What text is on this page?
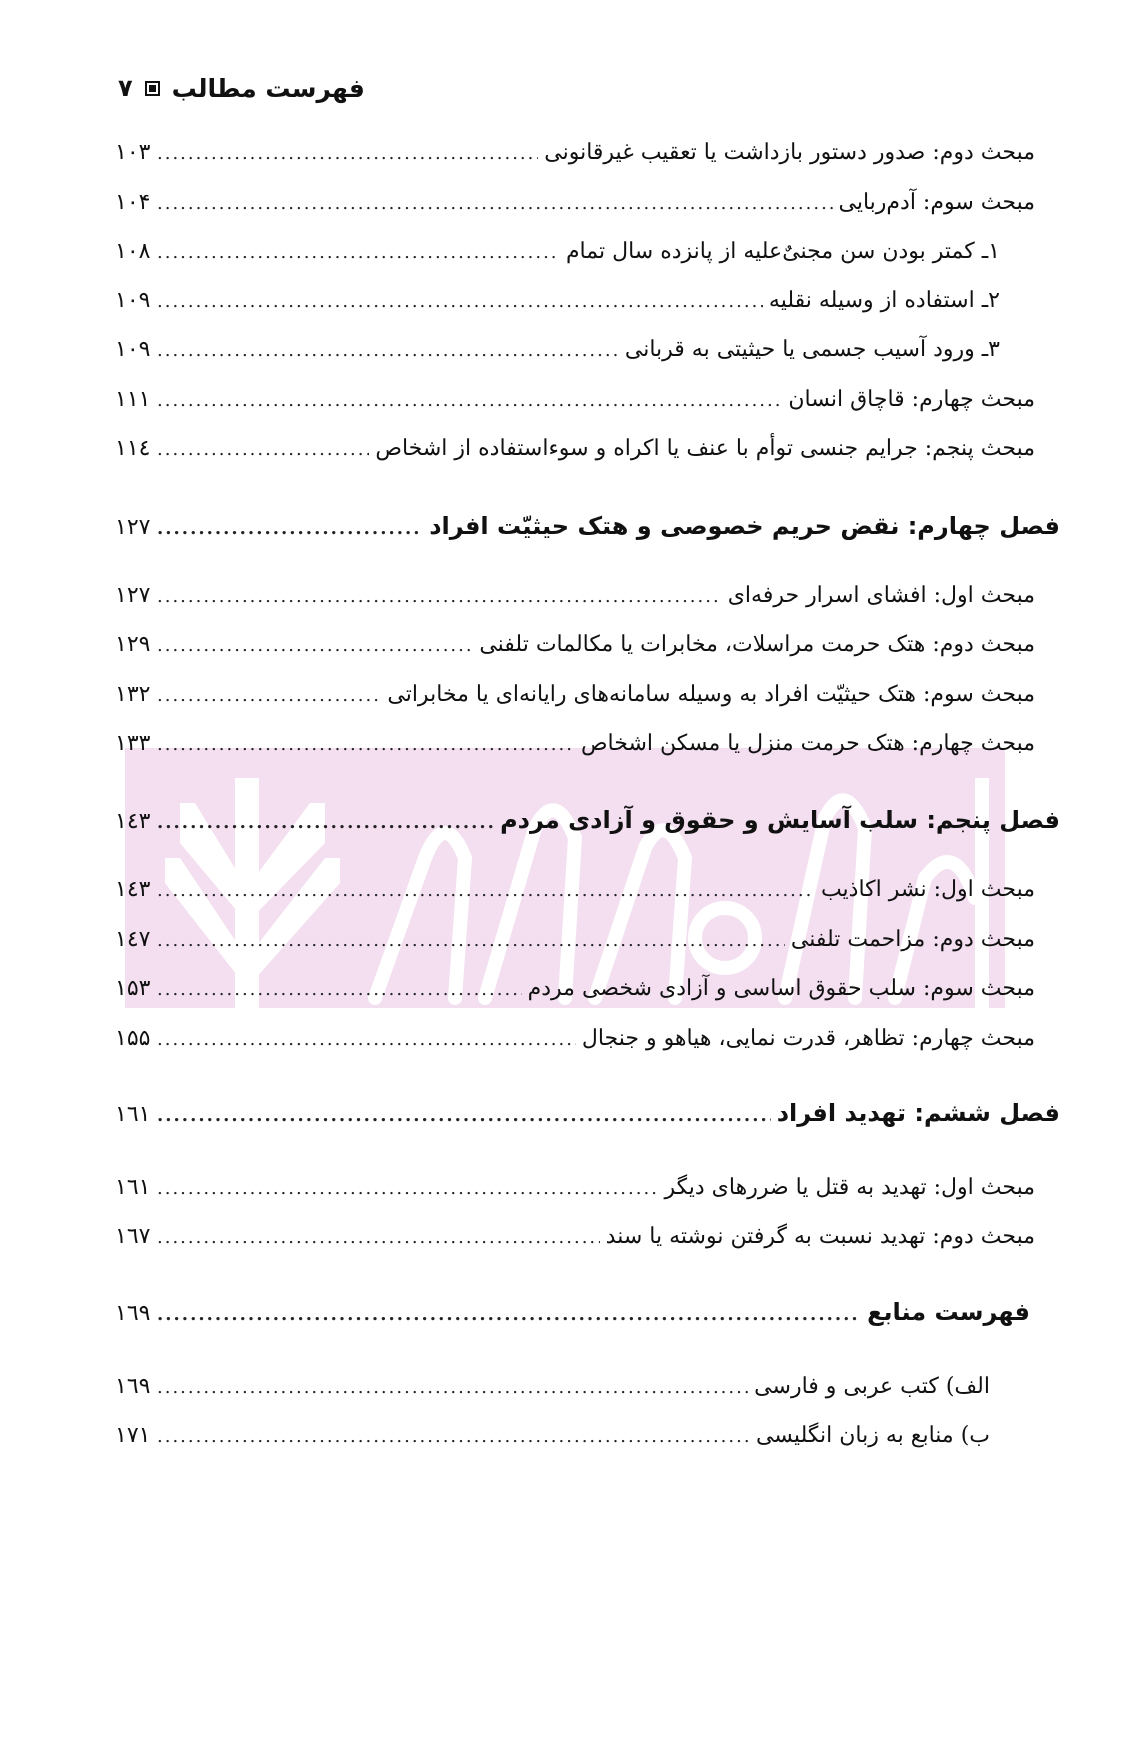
۷ فهرست مطالب
مبحث دوم: صدور دستور بازداشت یا تعقیب غیرقانونی
.....
۱۰۳
مبحث سوم: آدم‌ربایی
.....
۱۰۴
۱ـ کمتر بودن سن مجنیٌ‌علیه از پانزده سال تمام
.....
۱۰۸
۲ـ استفاده از وسیله نقلیه
.....
۱۰۹
۳ـ ورود آسیب جسمی یا حیثیتی به قربانی
.....
۱۰۹
مبحث چهارم: قاچاق انسان
.....
۱۱۱
مبحث پنجم: جرایم جنسی توأم با عنف یا اکراه و سوءاستفاده از اشخاص
.....
۱۱٤
فصل چهارم: نقض حریم خصوصی و هتک حیثیّت افراد
.....
۱۲۷
مبحث اول: افشای اسرار حرفه‌ای
.....
۱۲۷
مبحث دوم: هتک حرمت مراسلات، مخابرات یا مکالمات تلفنی
.....
۱۲۹
مبحث سوم: هتک حیثیّت افراد به وسیله سامانه‌های رایانه‌ای یا مخابراتی
.....
۱۳۲
مبحث چهارم: هتک حرمت منزل یا مسکن اشخاص
.....
۱۳۳
فصل پنجم: سلب آسایش و حقوق و آزادی مردم
.....
۱٤۳
مبحث اول: نشر اکاذیب
.....
۱٤۳
مبحث دوم: مزاحمت تلفنی
.....
۱٤۷
مبحث سوم: سلب حقوق اساسی و آزادی شخصی مردم
.....
۱۵۳
مبحث چهارم: تظاهر، قدرت نمایی، هیاهو و جنجال
.....
۱۵۵
فصل ششم: تهدید افراد
.....
۱٦۱
مبحث اول: تهدید به قتل یا ضررهای دیگر
.....
۱٦۱
مبحث دوم: تهدید نسبت به گرفتن نوشته یا سند
.....
۱٦۷
فهرست منابع
.....
۱٦۹
الف) کتب عربی و فارسی
.....
۱٦۹
ب) منابع به زبان انگلیسی
.....
۱۷۱
